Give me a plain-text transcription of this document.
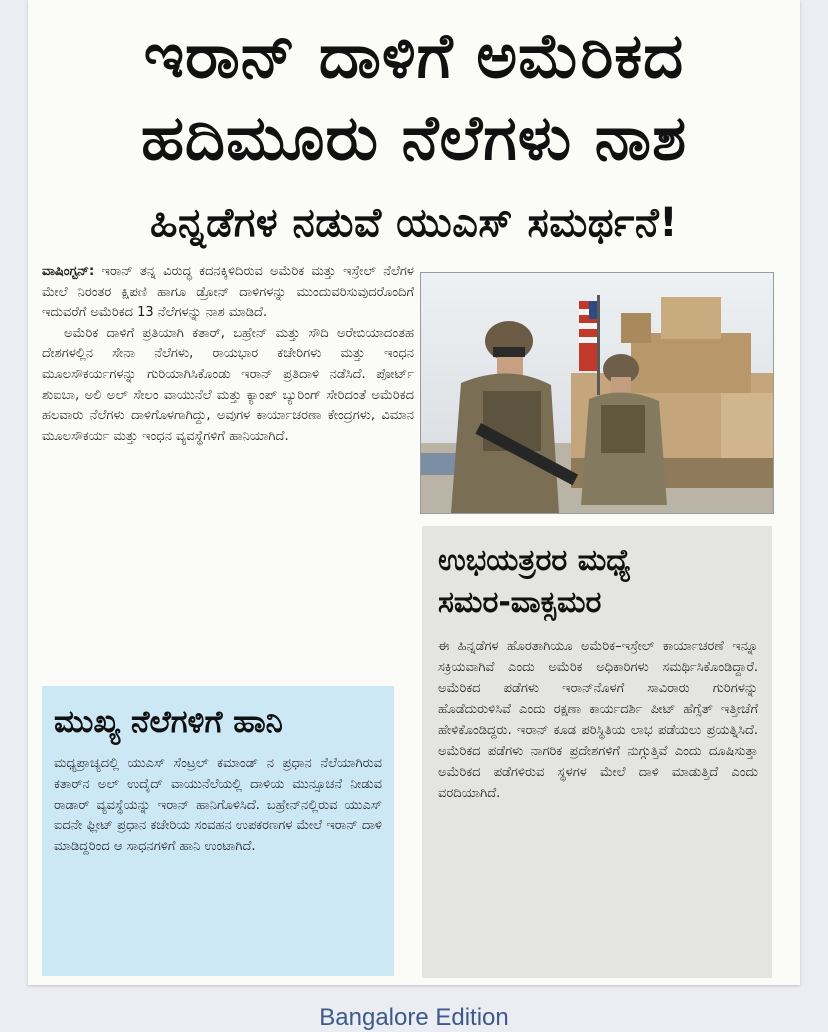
ಇರಾನ್ ದಾಳಿಗೆ ಅಮೆರಿಕದ
ಹದಿಮೂರು ನೆಲೆಗಳು ನಾಶ
ಹಿನ್ನಡೆಗಳ ನಡುವೆ ಯುಎಸ್ ಸಮರ್ಥನೆ!

ವಾಷಿಂಗ್ಟನ್: ಇರಾನ್ ತನ್ನ ವಿರುದ್ಧ ಕದನಕ್ಕಿಳಿದಿರುವ ಅಮೆರಿಕ ಮತ್ತು ಇಸ್ರೇಲ್ ನೆಲೆಗಳ ಮೇಲೆ ನಿರಂತರ ಕ್ಷಿಪಣಿ ಹಾಗೂ ಡ್ರೋನ್ ದಾಳಿಗಳನ್ನು ಮುಂದುವರಿಸುವುದರೊಂದಿಗೆ ಇದುವರೆಗೆ ಅಮೆರಿಕದ 13 ನೆಲೆಗಳನ್ನು ನಾಶ ಮಾಡಿದೆ.

ಅಮೆರಿಕ ದಾಳಿಗೆ ಪ್ರತಿಯಾಗಿ ಕತಾರ್, ಬಹ್ರೇನ್ ಮತ್ತು ಸೌದಿ ಅರೇಬಿಯಾದಂತಹ ದೇಶಗಳಲ್ಲಿನ ಸೇನಾ ನೆಲೆಗಳು, ರಾಯಭಾರ ಕಚೇರಿಗಳು ಮತ್ತು ಇಂಧನ ಮೂಲಸೌಕರ್ಯಗಳನ್ನು ಗುರಿಯಾಗಿಸಿಕೊಂಡು ಇರಾನ್ ಪ್ರತಿದಾಳಿ ನಡೆಸಿದೆ. ಪೋರ್ಟ್ ಶುಐಬಾ, ಅಲಿ ಅಲ್ ಸೇಲಂ ವಾಯುನೆಲೆ ಮತ್ತು ಕ್ಯಾಂಪ್ ಬ್ಯುರಿಂಗ್ ಸೇರಿದಂತೆ ಅಮೆರಿಕದ ಹಲವಾರು ನೆಲೆಗಳು ದಾಳಿಗೊಳಗಾಗಿದ್ದು, ಅವುಗಳ ಕಾರ್ಯಾಚರಣಾ ಕೇಂದ್ರಗಳು, ವಿಮಾನ ಮೂಲಸೌಕರ್ಯ ಮತ್ತು ಇಂಧನ ವ್ಯವಸ್ಥೆಗಳಿಗೆ ಹಾನಿಯಾಗಿದೆ.

ಮುಖ್ಯ ನೆಲೆಗಳಿಗೆ ಹಾನಿ

ಮಧ್ಯಪ್ರಾಚ್ಯದಲ್ಲಿ ಯುಎಸ್ ಸೆಂಟ್ರಲ್ ಕಮಾಂಡ್ ನ ಪ್ರಧಾನ ನೆಲೆಯಾಗಿರುವ ಕತಾರ್‌ನ ಅಲ್ ಉದೈದ್ ವಾಯುನೆಲೆಯಲ್ಲಿ ದಾಳಿಯ ಮುನ್ಸೂಚನೆ ನೀಡುವ ರಾಡಾರ್ ವ್ಯವಸ್ಥೆಯನ್ನು ಇರಾನ್ ಹಾನಿಗೊಳಿಸಿದೆ. ಬಹ್ರೇನ್‌ನಲ್ಲಿರುವ ಯುಎಸ್ ಐದನೇ ಫ್ಲೀಟ್ ಪ್ರಧಾನ ಕಚೇರಿಯ ಸಂವಹನ ಉಪಕರಣಗಳ ಮೇಲೆ ಇರಾನ್ ದಾಳಿ ಮಾಡಿದ್ದರಿಂದ ಆ ಸಾಧನಗಳಿಗೆ ಹಾನಿ ಉಂಟಾಗಿದೆ.

ಉಭಯತ್ರರರ ಮಧ್ಯೆ
ಸಮರ-ವಾಕ್ಸಮರ

ಈ ಹಿನ್ನಡೆಗಳ ಹೊರತಾಗಿಯೂ ಅಮೆರಿಕ–ಇಸ್ರೇಲ್ ಕಾರ್ಯಾಚರಣೆ ಇನ್ನೂ ಸಕ್ರಿಯವಾಗಿವೆ ಎಂದು ಅಮೆರಿಕ ಅಧಿಕಾರಿಗಳು ಸಮರ್ಥಿಸಿಕೊಂಡಿದ್ದಾರೆ. ಅಮೆರಿಕದ ಪಡೆಗಳು ಇರಾನ್‌ನೊಳಗೆ ಸಾವಿರಾರು ಗುರಿಗಳನ್ನು ಹೊಡೆದುರುಳಿಸಿವೆ ಎಂದು ರಕ್ಷಣಾ ಕಾರ್ಯದರ್ಶಿ ಪೀಟ್ ಹೆಗ್ಸೆತ್ ಇತ್ತೀಚೆಗೆ ಹೇಳಿಕೊಂಡಿದ್ದರು. ಇರಾನ್ ಕೂಡ ಪರಿಸ್ಥಿತಿಯ ಲಾಭ ಪಡೆಯಲು ಪ್ರಯತ್ನಿಸಿದೆ. ಅಮೆರಿಕದ ಪಡೆಗಳು ನಾಗರಿಕ ಪ್ರದೇಶಗಳಿಗೆ ನುಗ್ಗುತ್ತಿವೆ ಎಂದು ದೂಷಿಸುತ್ತಾ ಅಮೆರಿಕದ ಪಡೆಗಳಿರುವ ಸ್ಥಳಗಳ ಮೇಲೆ ದಾಳಿ ಮಾಡುತ್ತಿದೆ ಎಂದು ವರದಿಯಾಗಿದೆ.

Bangalore Edition
